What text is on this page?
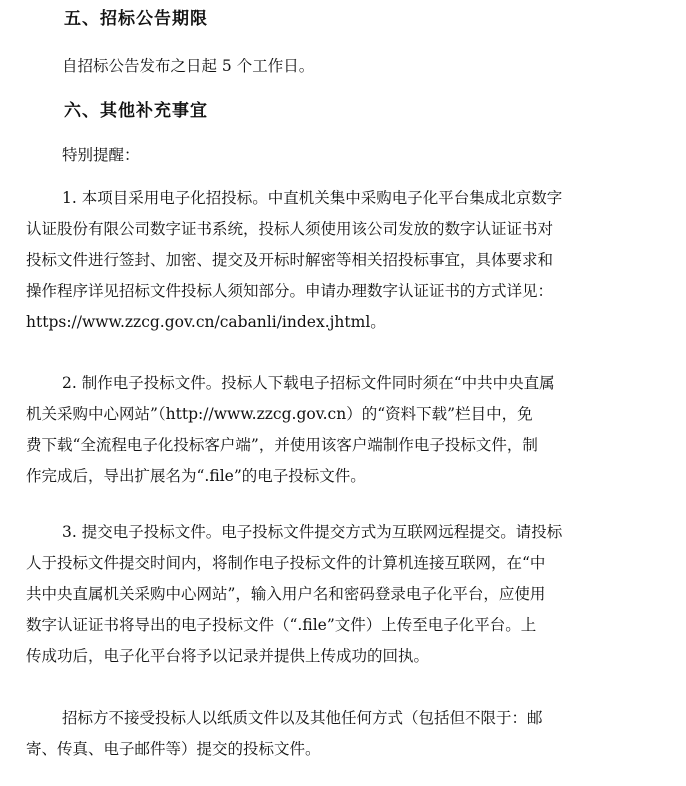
五、招标公告期限

自招标公告发布之日起 5 个工作日。

六、其他补充事宜

特别提醒：

1. 本项目采用电子化招投标。中直机关集中采购电子化平台集成北京数字
认证股份有限公司数字证书系统，投标人须使用该公司发放的数字认证证书对
投标文件进行签封、加密、提交及开标时解密等相关招投标事宜，具体要求和
操作程序详见招标文件投标人须知部分。申请办理数字认证证书的方式详见：
https://www.zzcg.gov.cn/cabanli/index.jhtml。
2. 制作电子投标文件。投标人下载电子招标文件同时须在“中共中央直属
机关采购中心网站”（http://www.zzcg.gov.cn）的“资料下载”栏目中，免
费下载“全流程电子化投标客户端”，并使用该客户端制作电子投标文件，制
作完成后，导出扩展名为“.file”的电子投标文件。
3. 提交电子投标文件。电子投标文件提交方式为互联网远程提交。请投标
人于投标文件提交时间内，将制作电子投标文件的计算机连接互联网，在“中
共中央直属机关采购中心网站”，输入用户名和密码登录电子化平台，应使用
数字认证证书将导出的电子投标文件（“.file”文件）上传至电子化平台。上
传成功后，电子化平台将予以记录并提供上传成功的回执。
招标方不接受投标人以纸质文件以及其他任何方式（包括但不限于：邮
寄、传真、电子邮件等）提交的投标文件。
